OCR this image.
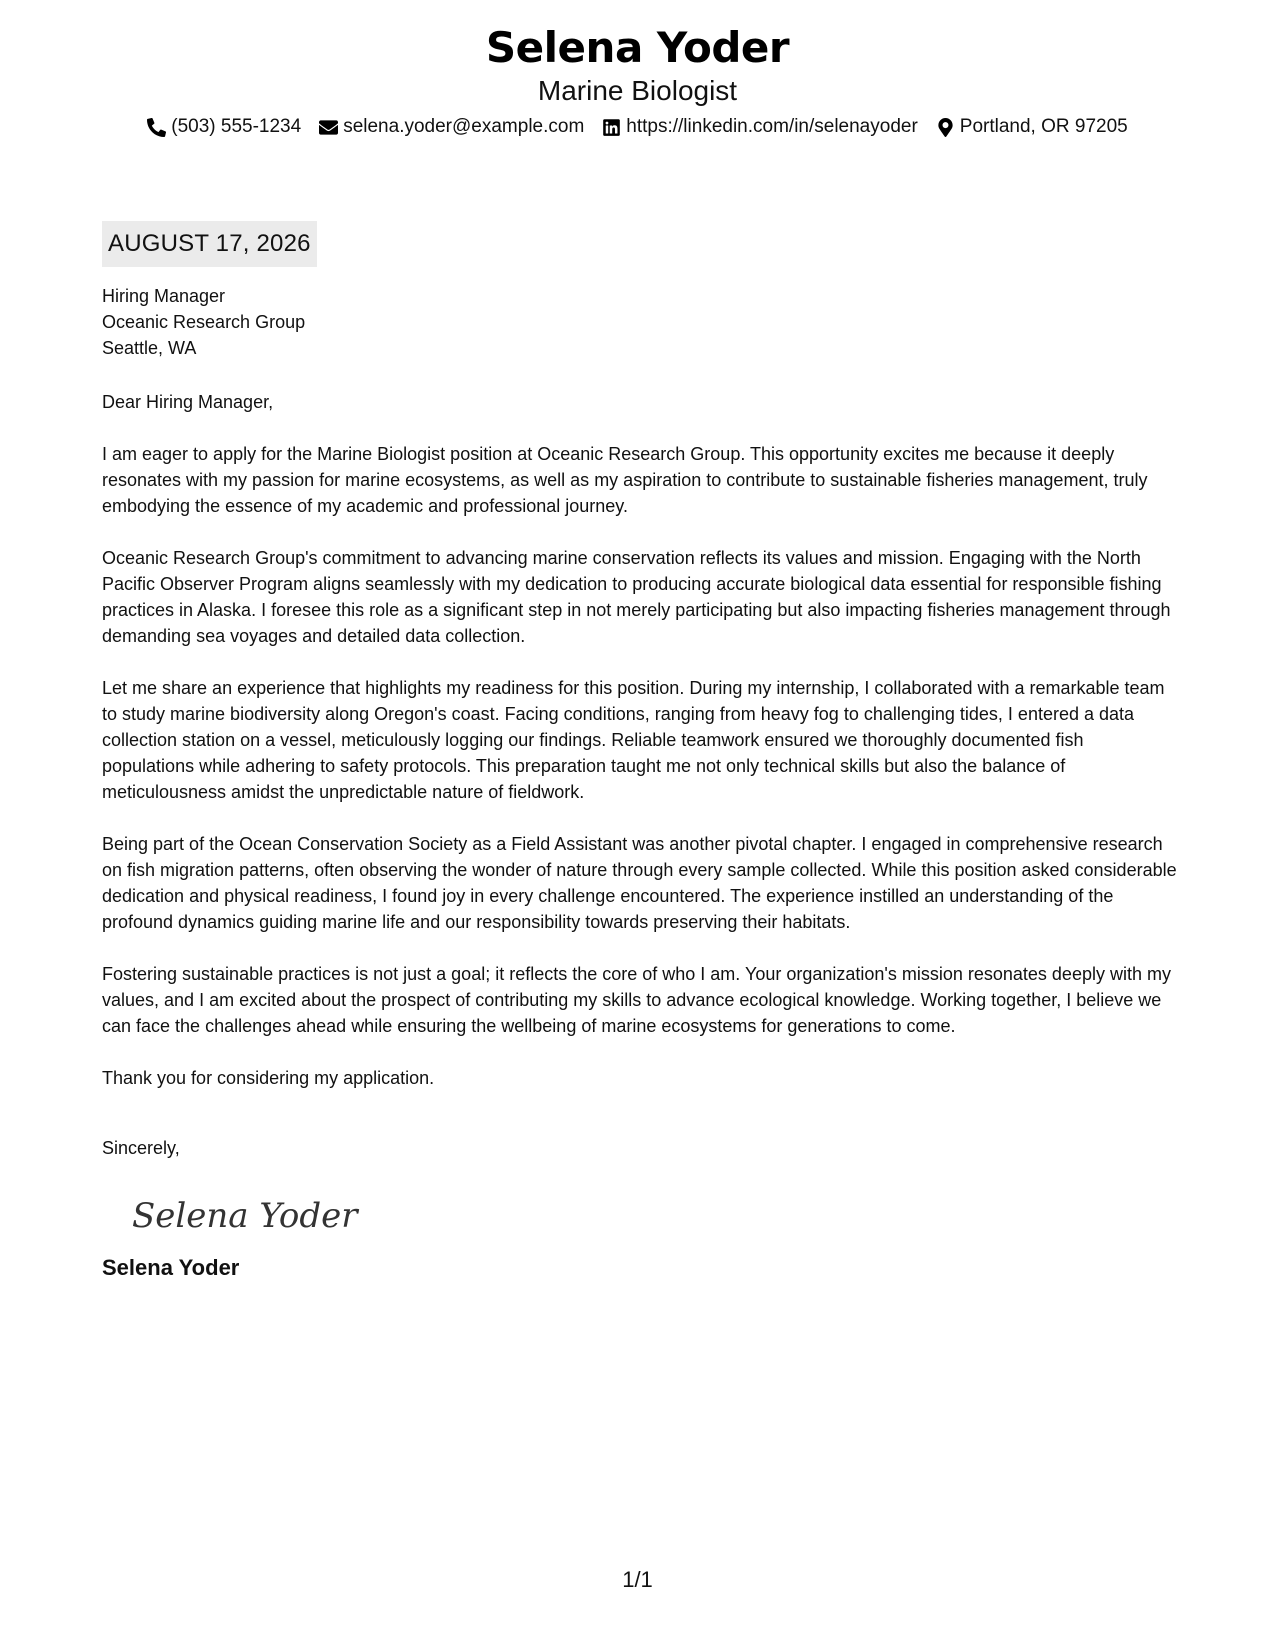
Selena Yoder
Marine Biologist
(503) 555-1234 selena.yoder@example.com https://linkedin.com/in/selenayoder Portland, OR 97205
AUGUST 17, 2026
Hiring Manager
Oceanic Research Group
Seattle, WA
Dear Hiring Manager,

I am eager to apply for the Marine Biologist position at Oceanic Research Group. This opportunity excites me because it deeply resonates with my passion for marine ecosystems, as well as my aspiration to contribute to sustainable fisheries management, truly embodying the essence of my academic and professional journey.

Oceanic Research Group's commitment to advancing marine conservation reflects its values and mission. Engaging with the North Pacific Observer Program aligns seamlessly with my dedication to producing accurate biological data essential for responsible fishing practices in Alaska. I foresee this role as a significant step in not merely participating but also impacting fisheries management through demanding sea voyages and detailed data collection.

Let me share an experience that highlights my readiness for this position. During my internship, I collaborated with a remarkable team to study marine biodiversity along Oregon's coast. Facing conditions, ranging from heavy fog to challenging tides, I entered a data collection station on a vessel, meticulously logging our findings. Reliable teamwork ensured we thoroughly documented fish populations while adhering to safety protocols. This preparation taught me not only technical skills but also the balance of meticulousness amidst the unpredictable nature of fieldwork.

Being part of the Ocean Conservation Society as a Field Assistant was another pivotal chapter. I engaged in comprehensive research on fish migration patterns, often observing the wonder of nature through every sample collected. While this position asked considerable dedication and physical readiness, I found joy in every challenge encountered. The experience instilled an understanding of the profound dynamics guiding marine life and our responsibility towards preserving their habitats.

Fostering sustainable practices is not just a goal; it reflects the core of who I am. Your organization's mission resonates deeply with my values, and I am excited about the prospect of contributing my skills to advance ecological knowledge. Working together, I believe we can face the challenges ahead while ensuring the wellbeing of marine ecosystems for generations to come.

Thank you for considering my application.

Sincerely,
Selena Yoder
Selena Yoder
1/1
